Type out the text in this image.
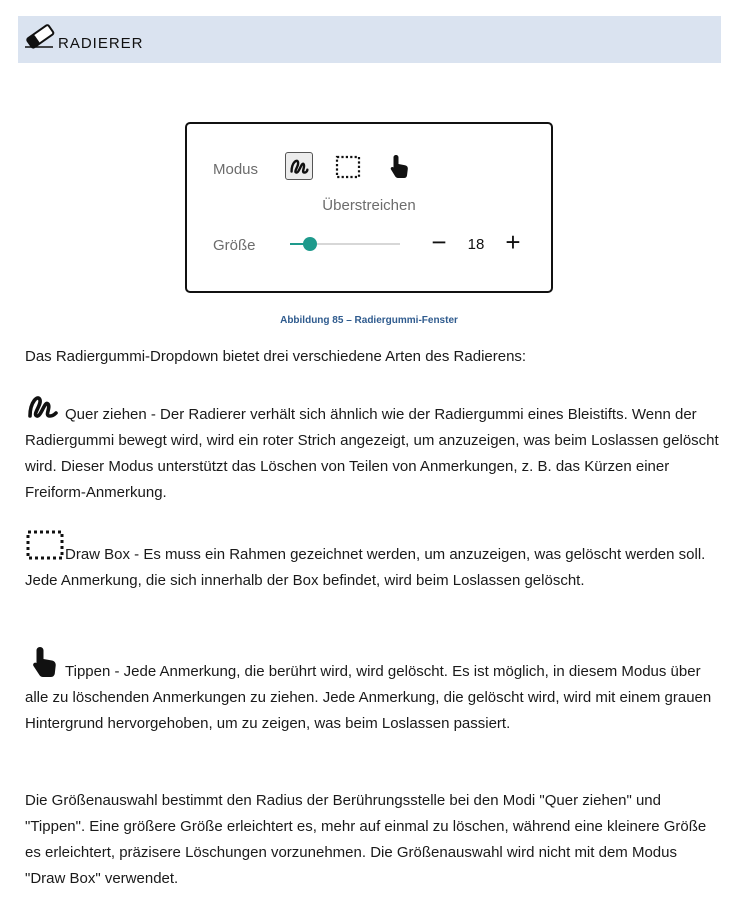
RADIERER
Modus
Überstreichen
Größe	−	18 +
Abbildung 85 – Radiergummi-Fenster

Das Radiergummi-Dropdown bietet drei verschiedene Arten des Radierens:

Quer ziehen - Der Radierer verhält sich ähnlich wie der Radiergummi eines Bleistifts. Wenn der Radiergummi bewegt wird, wird ein roter Strich angezeigt, um anzuzeigen, was beim Loslassen gelöscht wird. Dieser Modus unterstützt das Löschen von Teilen von Anmerkungen, z. B. das Kürzen einer Freiform-Anmerkung.

Draw Box - Es muss ein Rahmen gezeichnet werden, um anzuzeigen, was gelöscht werden soll. Jede Anmerkung, die sich innerhalb der Box befindet, wird beim Loslassen gelöscht.

Tippen - Jede Anmerkung, die berührt wird, wird gelöscht. Es ist möglich, in diesem Modus über alle zu löschenden Anmerkungen zu ziehen. Jede Anmerkung, die gelöscht wird, wird mit einem grauen Hintergrund hervorgehoben, um zu zeigen, was beim Loslassen passiert.

Die Größenauswahl bestimmt den Radius der Berührungsstelle bei den Modi "Quer ziehen" und "Tippen". Eine größere Größe erleichtert es, mehr auf einmal zu löschen, während eine kleinere Größe es erleichtert, präzisere Löschungen vorzunehmen. Die Größenauswahl wird nicht mit dem Modus "Draw Box" verwendet.
